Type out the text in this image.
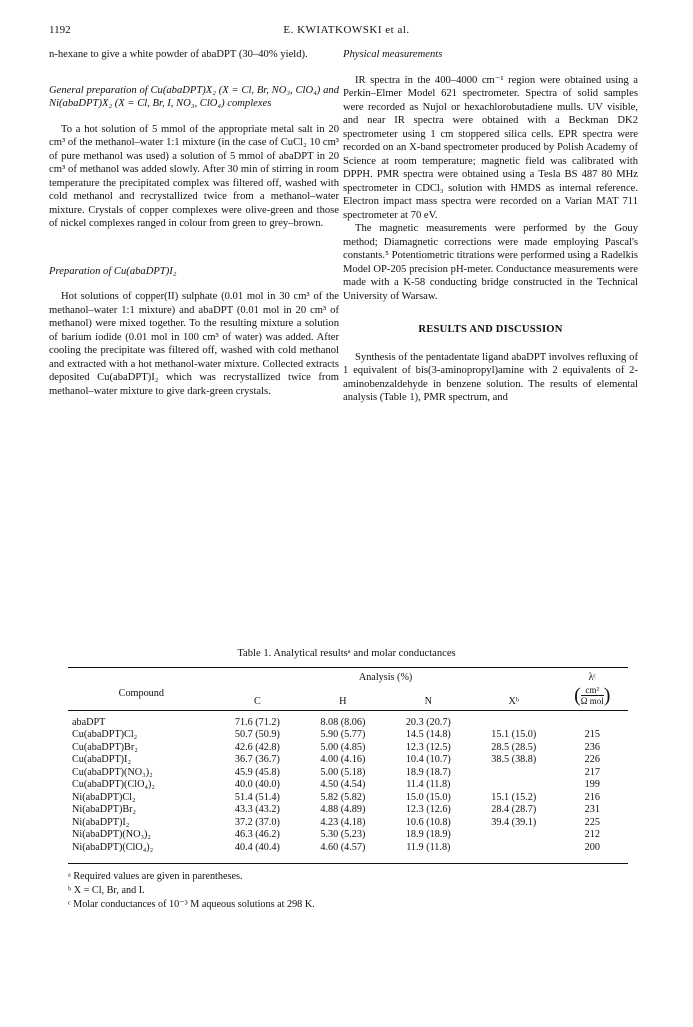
1192	E. KWIATKOWSKI et al.

n-hexane to give a white powder of abaDPT (30–40% yield).

General preparation of Cu(abaDPT)X₂ (X = Cl, Br, NO₃, ClO₄) and Ni(abaDPT)X₂ (X = Cl, Br, I, NO₃, ClO₄) complexes

To a hot solution of 5 mmol of the appropriate metal salt in 20 cm³ of the methanol–water 1:1 mixture (in the case of CuCl₂ 10 cm³ of pure methanol was used) a solution of 5 mmol of abaDPT in 20 cm³ of methanol was added slowly. After 30 min of stirring in room temperature the precipitated complex was filtered off, washed with cold methanol and recrystallized twice from a methanol–water mixture. Crystals of copper complexes were olive-green and those of nickel complexes ranged in colour from green to grey–brown.

Preparation of Cu(abaDPT)I₂

Hot solutions of copper(II) sulphate (0.01 mol in 30 cm³ of the methanol–water 1:1 mixture) and abaDPT (0.01 mol in 20 cm³ of methanol) were mixed together. To the resulting mixture a solution of barium iodide (0.01 mol in 100 cm³ of water) was added. After cooling the precipitate was filtered off, washed with cold methanol and extracted with a hot methanol-water mixture. Collected extracts deposited Cu(abaDPT)I₂ which was recrystallized twice from methanol–water mixture to give dark-green crystals.

Physical measurements

IR spectra in the 400–4000 cm⁻¹ region were obtained using a Perkin–Elmer Model 621 spectrometer. Spectra of solid samples were recorded as Nujol or hexachlorobutadiene mulls. UV visible, and near IR spectra were obtained with a Beckman DK2 spectrometer using 1 cm stoppered silica cells. EPR spectra were recorded on an X-band spectrometer produced by Polish Academy of Science at room temperature; magnetic field was calibrated with DPPH. PMR spectra were obtained using a Tesla BS 487 80 MHz spectrometer in CDCl₃ solution with HMDS as internal reference. Electron impact mass spectra were recorded on a Varian MAT 711 spectrometer at 70 eV.

The magnetic measurements were performed by the Gouy method; Diamagnetic corrections were made employing Pascal's constants.⁵ Potentiometric titrations were performed using a Radelkis Model OP-205 precision pH-meter. Conductance measurements were made with a K-58 conducting bridge constructed in the Technical University of Warsaw.

RESULTS AND DISCUSSION

Synthesis of the pentadentate ligand abaDPT involves refluxing of 1 equivalent of bis(3-aminopropyl)amine with 2 equivalents of 2-aminobenzaldehyde in benzene solution. The results of elemental analysis (Table 1), PMR spectrum, and

Table 1. Analytical resultsᵃ and molar conductances
	Analysis (%)				λᶜ
Compound	C	H	N	Xᵇ	( $\frac{\text{cm²}}{\text{Ω mol}}$)
abaDPT	71.6 (71.2)	8.08 (8.06)	20.3 (20.7)		
Cu(abaDPT)Cl₂	50.7 (50.9)	5.90 (5.77)	14.5 (14.8)	15.1 (15.0)	215
Cu(abaDPT)Br₂	42.6 (42.8)	5.00 (4.85)	12.3 (12.5)	28.5 (28.5)	236
Cu(abaDPT)I₂	36.7 (36.7)	4.00 (4.16)	10.4 (10.7)	38.5 (38.8)	226
Cu(abaDPT)(NO₃)₂	45.9 (45.8)	5.00 (5.18)	18.9 (18.7)		217
Cu(abaDPT)(ClO₄)₂	40.0 (40.0)	4.50 (4.54)	11.4 (11.8)		199
Ni(abaDPT)Cl₂	51.4 (51.4)	5.82 (5.82)	15.0 (15.0)	15.1 (15.2)	216
Ni(abaDPT)Br₂	43.3 (43.2)	4.88 (4.89)	12.3 (12.6)	28.4 (28.7)	231
Ni(abaDPT)I₂	37.2 (37.0)	4.23 (4.18)	10.6 (10.8)	39.4 (39.1)	225
Ni(abaDPT)(NO₃)₂	46.3 (46.2)	5.30 (5.23)	18.9 (18.9)		212
Ni(abaDPT)(ClO₄)₂	40.4 (40.4)	4.60 (4.57)	11.9 (11.8)		200
ᵃ Required values are given in parentheses.
ᵇ X = Cl, Br, and I.
ᶜ Molar conductances of 10⁻³ M aqueous solutions at 298 K.
